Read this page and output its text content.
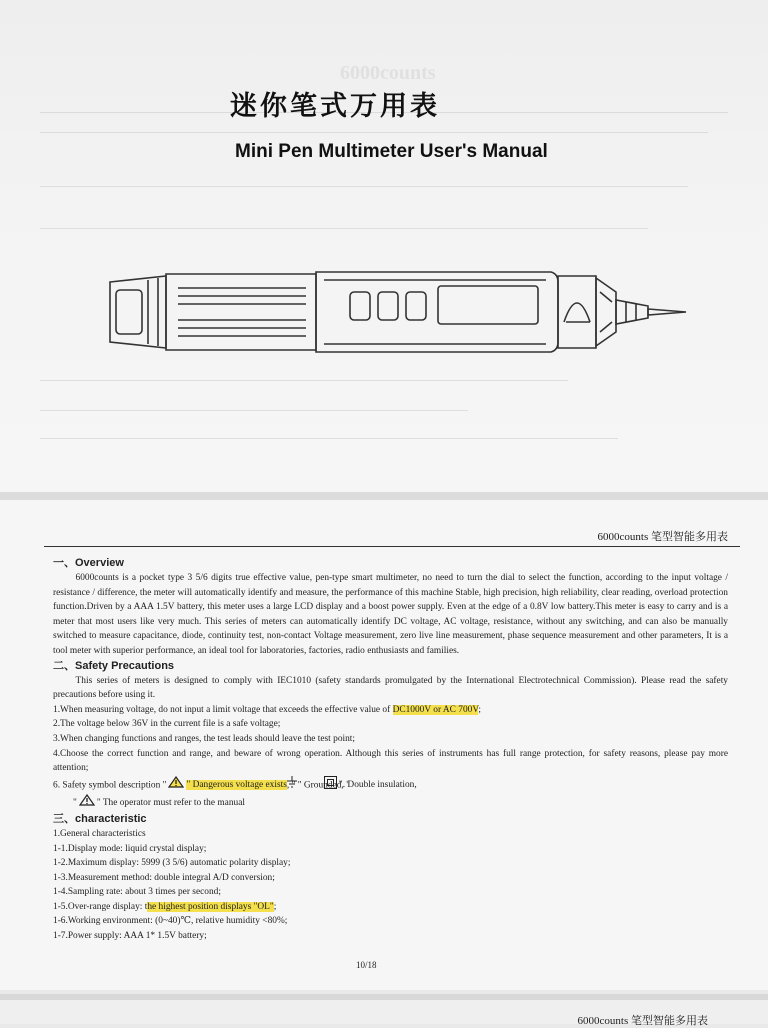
6000counts
迷你笔式万用表
Mini Pen Multimeter User's Manual
6000counts 笔型智能多用表
一、Overview
6000counts is a pocket type 3 5/6 digits true effective value, pen-type smart multimeter, no need to turn the dial to select the function, according to the input voltage / resistance / difference, the meter will automatically identify and measure, the performance of this machine Stable, high precision, high reliability, clear reading, overload protection function.Driven by a AAA 1.5V battery, this meter uses a large LCD display and a boost power supply. Even at the edge of a 0.8V low battery.This meter is easy to carry and is a meter that most users like very much. This series of meters can automatically identify DC voltage, AC voltage, resistance, without any switching, and can also be manually switched to measure capacitance, diode, continuity test, non-contact Voltage measurement, zero live line measurement, phase sequence measurement and other parameters, It is a tool meter with superior performance, an ideal tool for laboratories, factories, radio enthusiasts and families.
二、Safety Precautions
This series of meters is designed to comply with IEC1010 (safety standards promulgated by the International Electrotechnical Commission). Please read the safety precautions before using it.
1.When measuring voltage, do not input a limit voltage that exceeds the effective value of DC1000V or AC 700V;
2.The voltage below 36V in the current file is a safe voltage;
3.When changing functions and ranges, the test leads should leave the test point;
4.Choose the correct function and range, and beware of wrong operation. Although this series of instruments has full range protection, for safety reasons, please pay more attention;
6. Safety symbol description " " Dangerous voltage exists, " " Grounded, "". Double insulation,
" " The operator must refer to the manual
三、characteristic
1.General characteristics
1-1.Display mode: liquid crystal display;
1-2.Maximum display: 5999 (3 5/6) automatic polarity display;
1-3.Measurement method: double integral A/D conversion;
1-4.Sampling rate: about 3 times per second;
1-5.Over-range display: the highest position displays "OL";
1-6.Working environment: (0~40)℃, relative humidity <80%;
1-7.Power supply: AAA 1* 1.5V battery;
10/18
6000counts 笔型智能多用表
